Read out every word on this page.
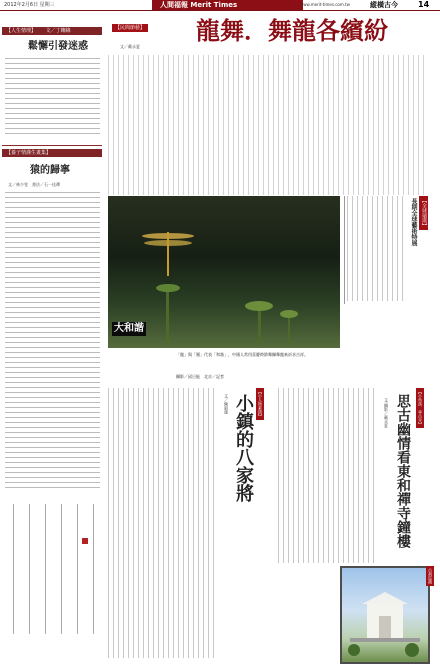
2012年2月6日 星期三	人間福報 Merit Times	www.merit-times.com.tw	縱橫古今	14
【人生情理】 文／丁緗緣
鬆懈引發迷惑
【養子情謹生畫集】
猿的歸寧
文／林少雯　書法／石一佳禪
【民間節藝】 龍舞．舞龍各繽紛
文／戴永夏
【全球瑞瑛】
長期全球藝術特展
大和諧
「龍」與「鳳」代表「和諧」，中國人常用喜慶時節舞獅舞龍來祈求吉祥。
攝影／邱日能　北京／記者
【小人物素描】
小鎮的八家將
文／陳淑蓮	【小角落．尋古寺】
思古幽情看東和禪寺鐘樓
文‧攝影／戴永夏
古刹巡禮
